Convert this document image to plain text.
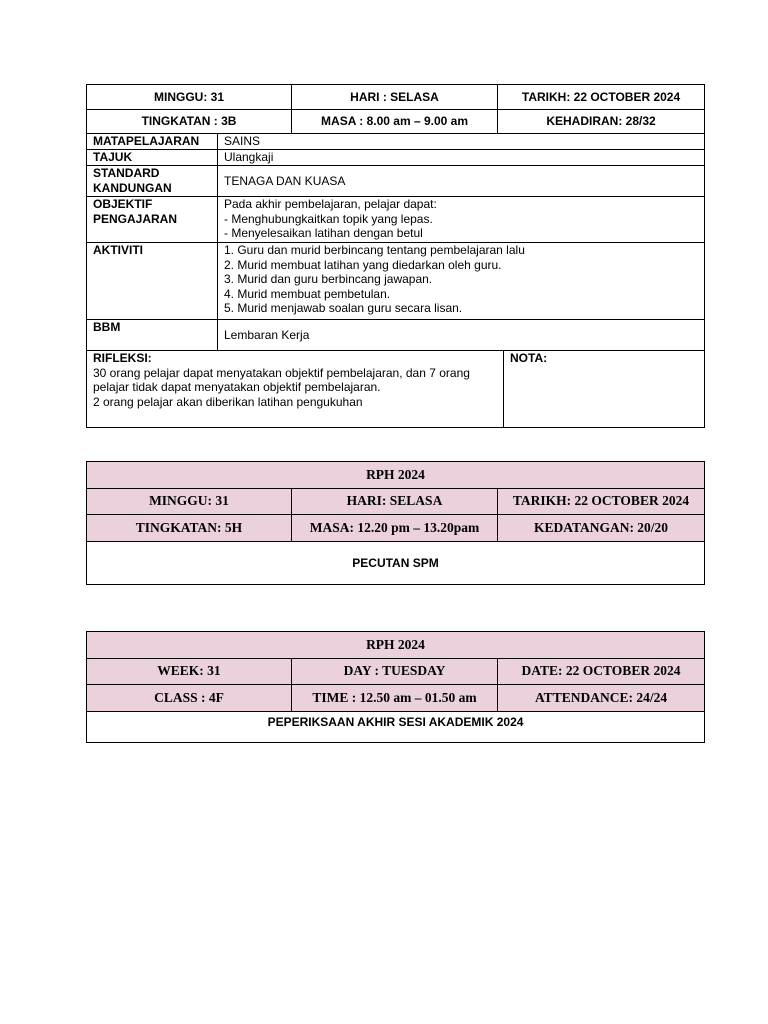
MINGGU: 31		HARI : SELASA	TARIKH: 22 OCTOBER 2024	
TINGKATAN : 3B		MASA : 8.00 am – 9.00 am	KEHADIRAN: 28/32	
MATAPELAJARAN	SAINS			
TAJUK	Ulangkaji			

STANDARD
KANDUNGAN	TENAGA DAN KUASA			

OBJEKTIF
PENGAJARAN	Pada akhir pembelajaran, pelajar dapat:
- Menghubungkaitkan topik yang lepas.
- Menyelesaikan latihan dengan betul			

AKTIVITI	1. Guru dan murid berbincang tentang pembelajaran lalu
2. Murid membuat latihan yang diedarkan oleh guru.
3. Murid dan guru berbincang jawapan.
4. Murid membuat pembetulan.
5. Murid menjawab soalan guru secara lisan.			

BBM	Lembaran Kerja			

RIFLEKSI:
30 orang pelajar dapat menyatakan objektif pembelajaran, dan 7 orang
pelajar tidak dapat menyatakan objektif pembelajaran.
2 orang pelajar akan diberikan latihan pengukuhan				NOTA:
RPH 2024		
MINGGU: 31	HARI: SELASA	TARIKH: 22 OCTOBER 2024
TINGKATAN: 5H	MASA: 12.20 pm – 13.20pam	KEDATANGAN: 20/20
PECUTAN SPM		
RPH 2024		
WEEK: 31	DAY : TUESDAY	DATE: 22 OCTOBER 2024
CLASS : 4F	TIME : 12.50 am – 01.50 am	ATTENDANCE: 24/24
PEPERIKSAAN AKHIR SESI AKADEMIK 2024		
